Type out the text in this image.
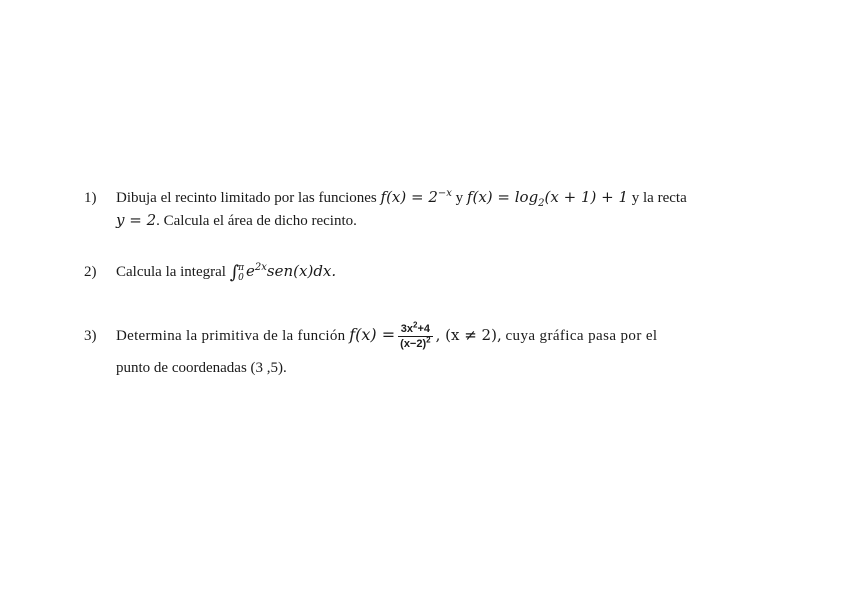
1) Dibuja el recinto limitado por las funciones $f(x) = 2^{-x}$ y $f(x) = \log_2(x + 1) + 1$ y la recta
y = 2. Calcula el área de dicho recinto.
2) Calcula la integral ∫ π
0 $e^{2x}sen(x)dx$.
3) Determina la primitiva de la función $f(x) = \frac{3x^2+4}{(x-2)^2}$ , (x ≠ 2), cuya gráfica pasa por el
punto de coordenadas (3 ,5).
